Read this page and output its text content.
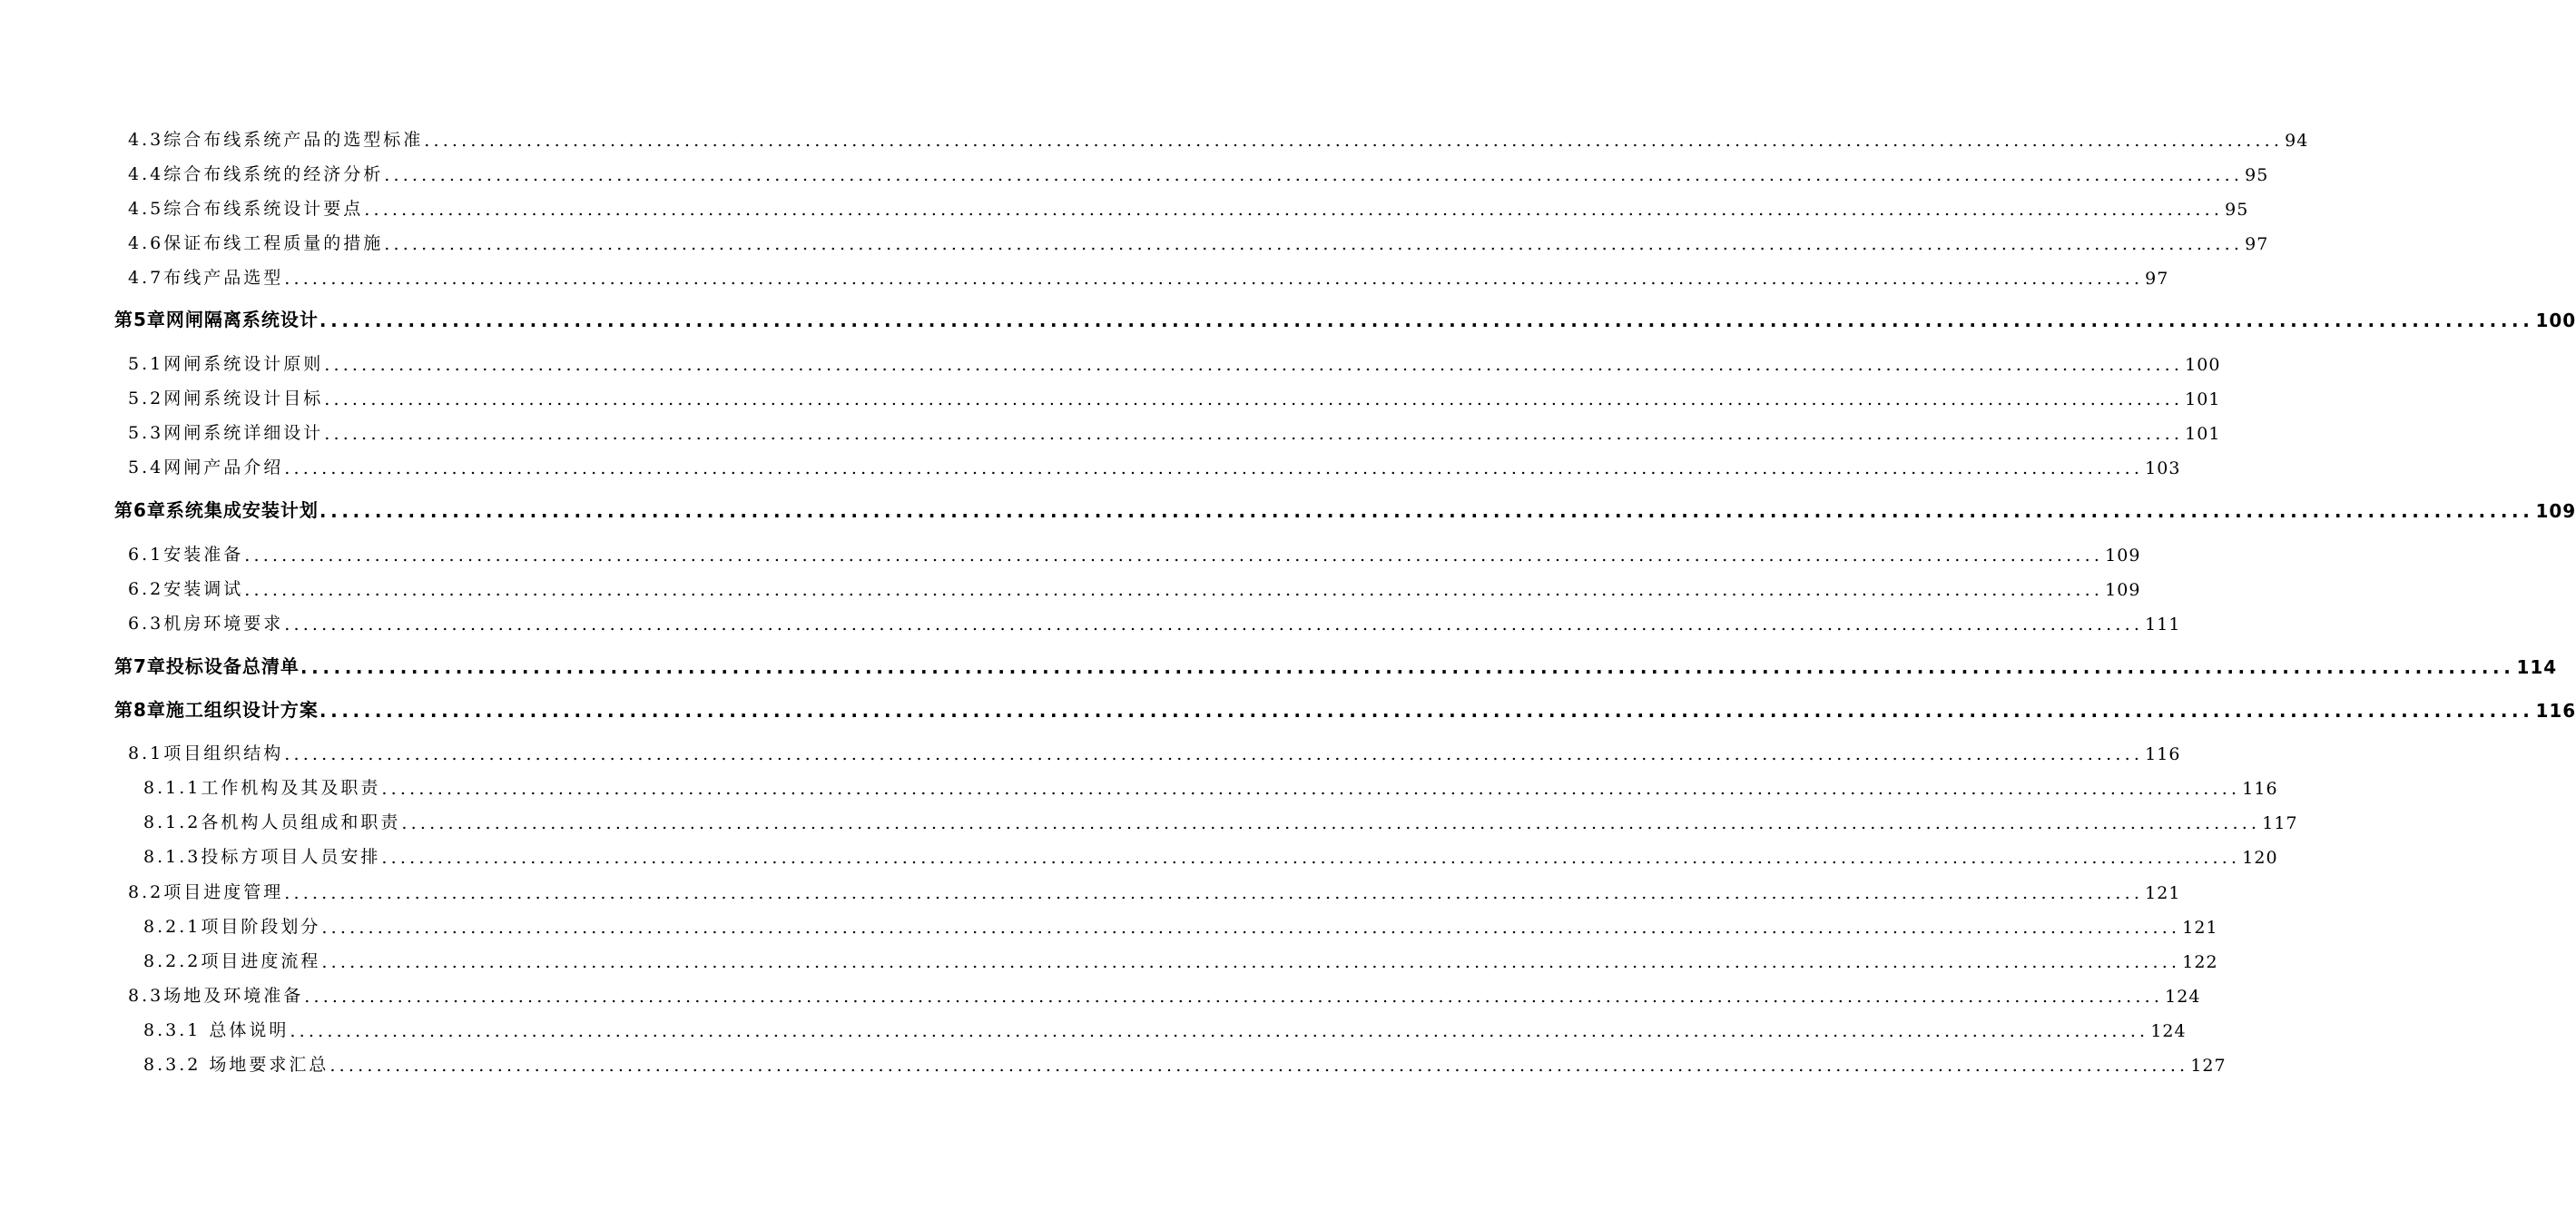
4.3综合布线系统产品的选型标准 ........................................................................................................................................................................................................ 94
4.4综合布线系统的经济分析 ........................................................................................................................................................................................................ 95
4.5综合布线系统设计要点 ........................................................................................................................................................................................................ 95
4.6保证布线工程质量的措施 ........................................................................................................................................................................................................ 97
4.7布线产品选型 ........................................................................................................................................................................................................ 97
第5章网闸隔离系统设计 ........................................................................................................................................................................................................ 100
5.1网闸系统设计原则 ........................................................................................................................................................................................................ 100
5.2网闸系统设计目标 ........................................................................................................................................................................................................ 101
5.3网闸系统详细设计 ........................................................................................................................................................................................................ 101
5.4网闸产品介绍 ........................................................................................................................................................................................................ 103
第6章系统集成安装计划 ........................................................................................................................................................................................................ 109
6.1安装准备 ........................................................................................................................................................................................................ 109
6.2安装调试 ........................................................................................................................................................................................................ 109
6.3机房环境要求 ........................................................................................................................................................................................................ 111
第7章投标设备总清单 ........................................................................................................................................................................................................ 114
第8章施工组织设计方案 ........................................................................................................................................................................................................ 116
8.1项目组织结构 ........................................................................................................................................................................................................ 116
8.1.1工作机构及其及职责 ........................................................................................................................................................................................................ 116
8.1.2各机构人员组成和职责 ........................................................................................................................................................................................................ 117
8.1.3投标方项目人员安排 ........................................................................................................................................................................................................ 120
8.2项目进度管理 ........................................................................................................................................................................................................ 121
8.2.1项目阶段划分 ........................................................................................................................................................................................................ 121
8.2.2项目进度流程 ........................................................................................................................................................................................................ 122
8.3场地及环境准备 ........................................................................................................................................................................................................ 124
8.3.1 总体说明 ........................................................................................................................................................................................................ 124
8.3.2 场地要求汇总 ........................................................................................................................................................................................................ 127
